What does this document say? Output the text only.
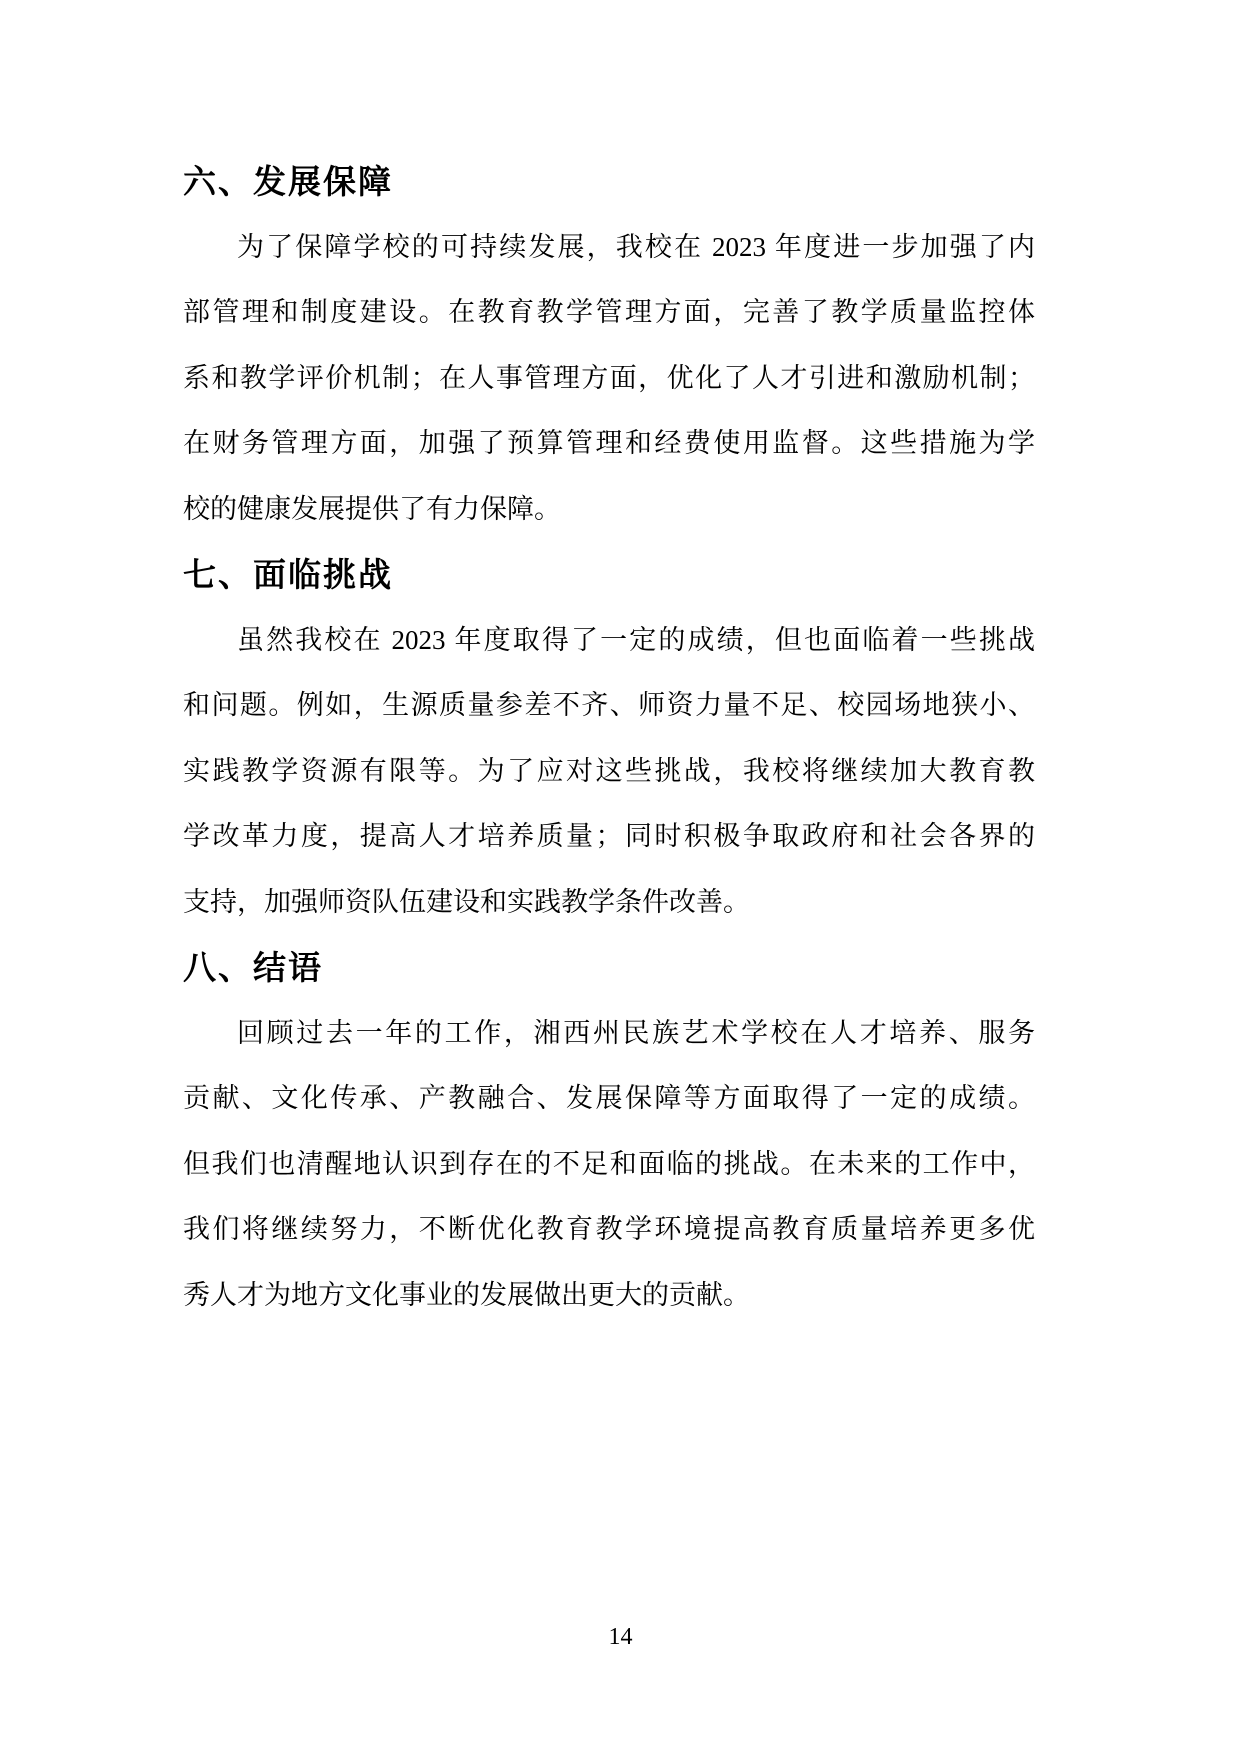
六、发展保障
为了保障学校的可持续发展，我校在 2023 年度进一步加强了内
部管理和制度建设。在教育教学管理方面，完善了教学质量监控体
系和教学评价机制；在人事管理方面，优化了人才引进和激励机制；
在财务管理方面，加强了预算管理和经费使用监督。这些措施为学
校的健康发展提供了有力保障。
七、面临挑战
虽然我校在 2023 年度取得了一定的成绩，但也面临着一些挑战
和问题。例如，生源质量参差不齐、师资力量不足、校园场地狭小、
实践教学资源有限等。为了应对这些挑战，我校将继续加大教育教
学改革力度，提高人才培养质量；同时积极争取政府和社会各界的
支持，加强师资队伍建设和实践教学条件改善。
八、结语
回顾过去一年的工作，湘西州民族艺术学校在人才培养、服务
贡献、文化传承、产教融合、发展保障等方面取得了一定的成绩。
但我们也清醒地认识到存在的不足和面临的挑战。在未来的工作中，
我们将继续努力，不断优化教育教学环境提高教育质量培养更多优
秀人才为地方文化事业的发展做出更大的贡献。
14
